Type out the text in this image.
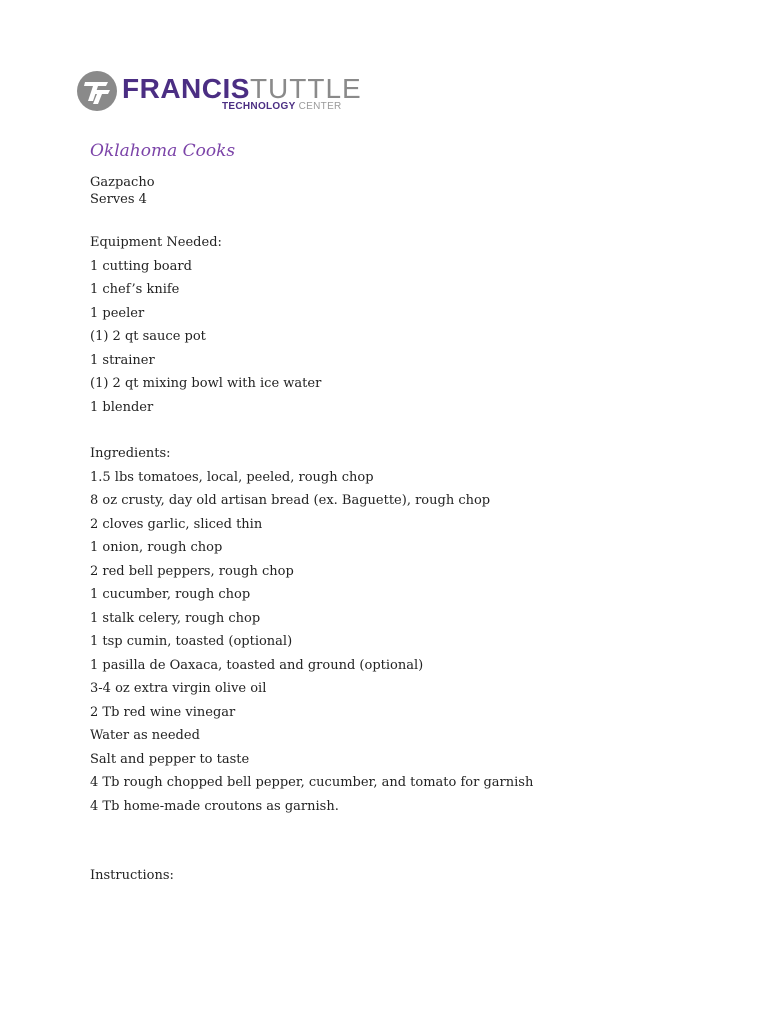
FRANCISTUTTLE
TECHNOLOGY CENTER

Oklahoma Cooks

Gazpacho

Serves 4

Equipment Needed:

1 cutting board

1 chef’s knife

1 peeler

(1) 2 qt sauce pot

1 strainer

(1) 2 qt mixing bowl with ice water

1 blender

Ingredients:

1.5 lbs tomatoes, local, peeled, rough chop

8 oz crusty, day old artisan bread (ex. Baguette), rough chop

2 cloves garlic, sliced thin

1 onion, rough chop

2 red bell peppers, rough chop

1 cucumber, rough chop

1 stalk celery, rough chop

1 tsp cumin, toasted (optional)

1 pasilla de Oaxaca, toasted and ground (optional)

3-4 oz extra virgin olive oil

2 Tb red wine vinegar

Water as needed

Salt and pepper to taste

4 Tb rough chopped bell pepper, cucumber, and tomato for garnish

4 Tb home-made croutons as garnish.

Instructions:
